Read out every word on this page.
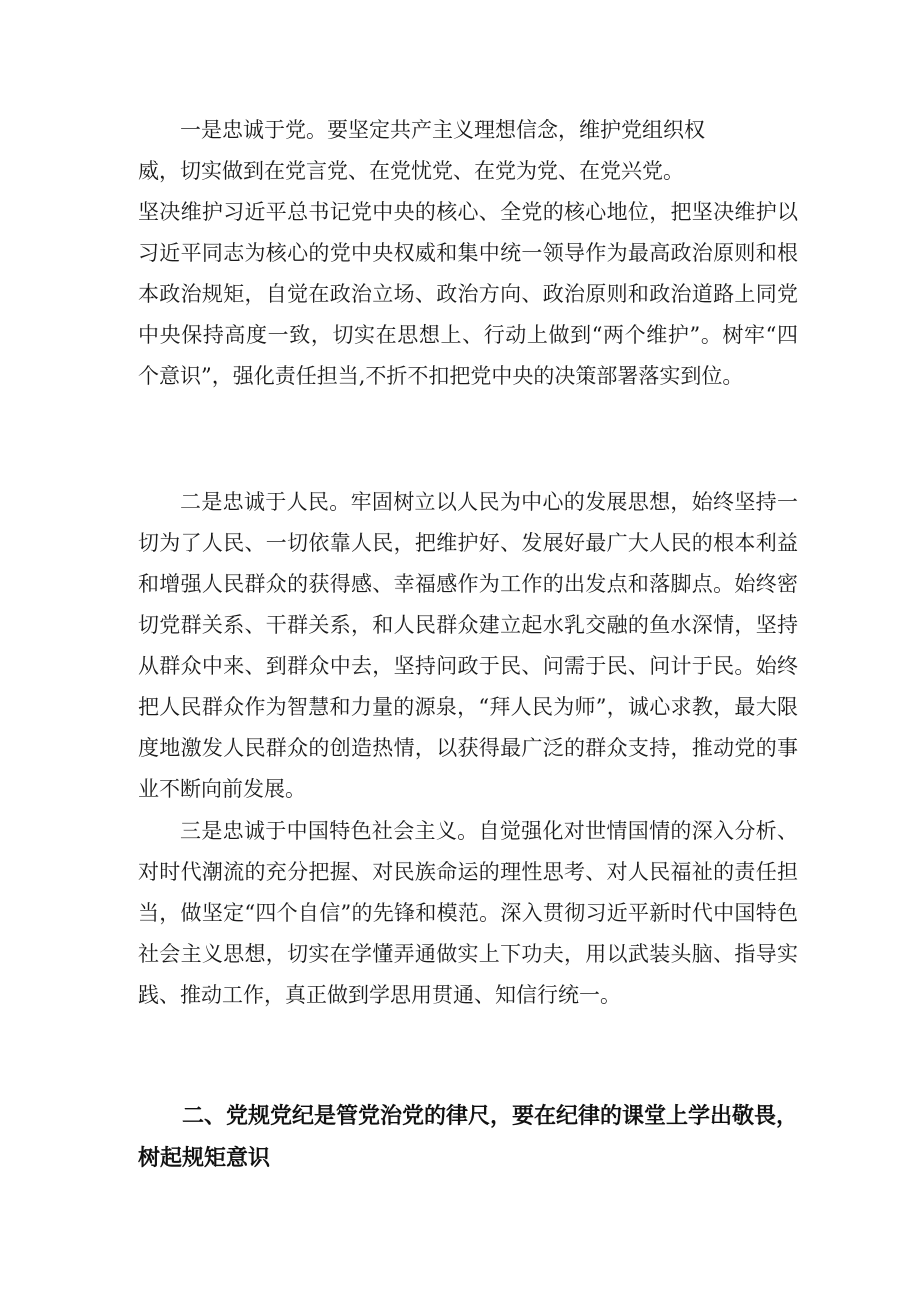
一是忠诚于党。要坚定共产主义理想信念，维护党组织权
威，切实做到在党言党、在党忧党、在党为党、在党兴党。

坚决维护习近平总书记党中央的核心、全党的核心地位，把坚决维护以习近平同志为核心的党中央权威和集中统一领导作为最高政治原则和根本政治规矩，自觉在政治立场、政治方向、政治原则和政治道路上同党中央保持高度一致，切实在思想上、行动上做到“两个维护”。树牢“四个意识”，强化责任担当,不折不扣把党中央的决策部署落实到位。

二是忠诚于人民。牢固树立以人民为中心的发展思想，始终坚持一切为了人民、一切依靠人民，把维护好、发展好最广大人民的根本利益和增强人民群众的获得感、幸福感作为工作的出发点和落脚点。始终密切党群关系、干群关系，和人民群众建立起水乳交融的鱼水深情，坚持从群众中来、到群众中去，坚持问政于民、问需于民、问计于民。始终把人民群众作为智慧和力量的源泉，“拜人民为师”，诚心求教，最大限度地激发人民群众的创造热情，以获得最广泛的群众支持，推动党的事业不断向前发展。

三是忠诚于中国特色社会主义。自觉强化对世情国情的深入分析、对时代潮流的充分把握、对民族命运的理性思考、对人民福祉的责任担当，做坚定“四个自信”的先锋和模范。深入贯彻习近平新时代中国特色社会主义思想，切实在学懂弄通做实上下功夫，用以武装头脑、指导实践、推动工作，真正做到学思用贯通、知信行统一。

二、党规党纪是管党治党的律尺，要在纪律的课堂上学出敬畏，树起规矩意识
